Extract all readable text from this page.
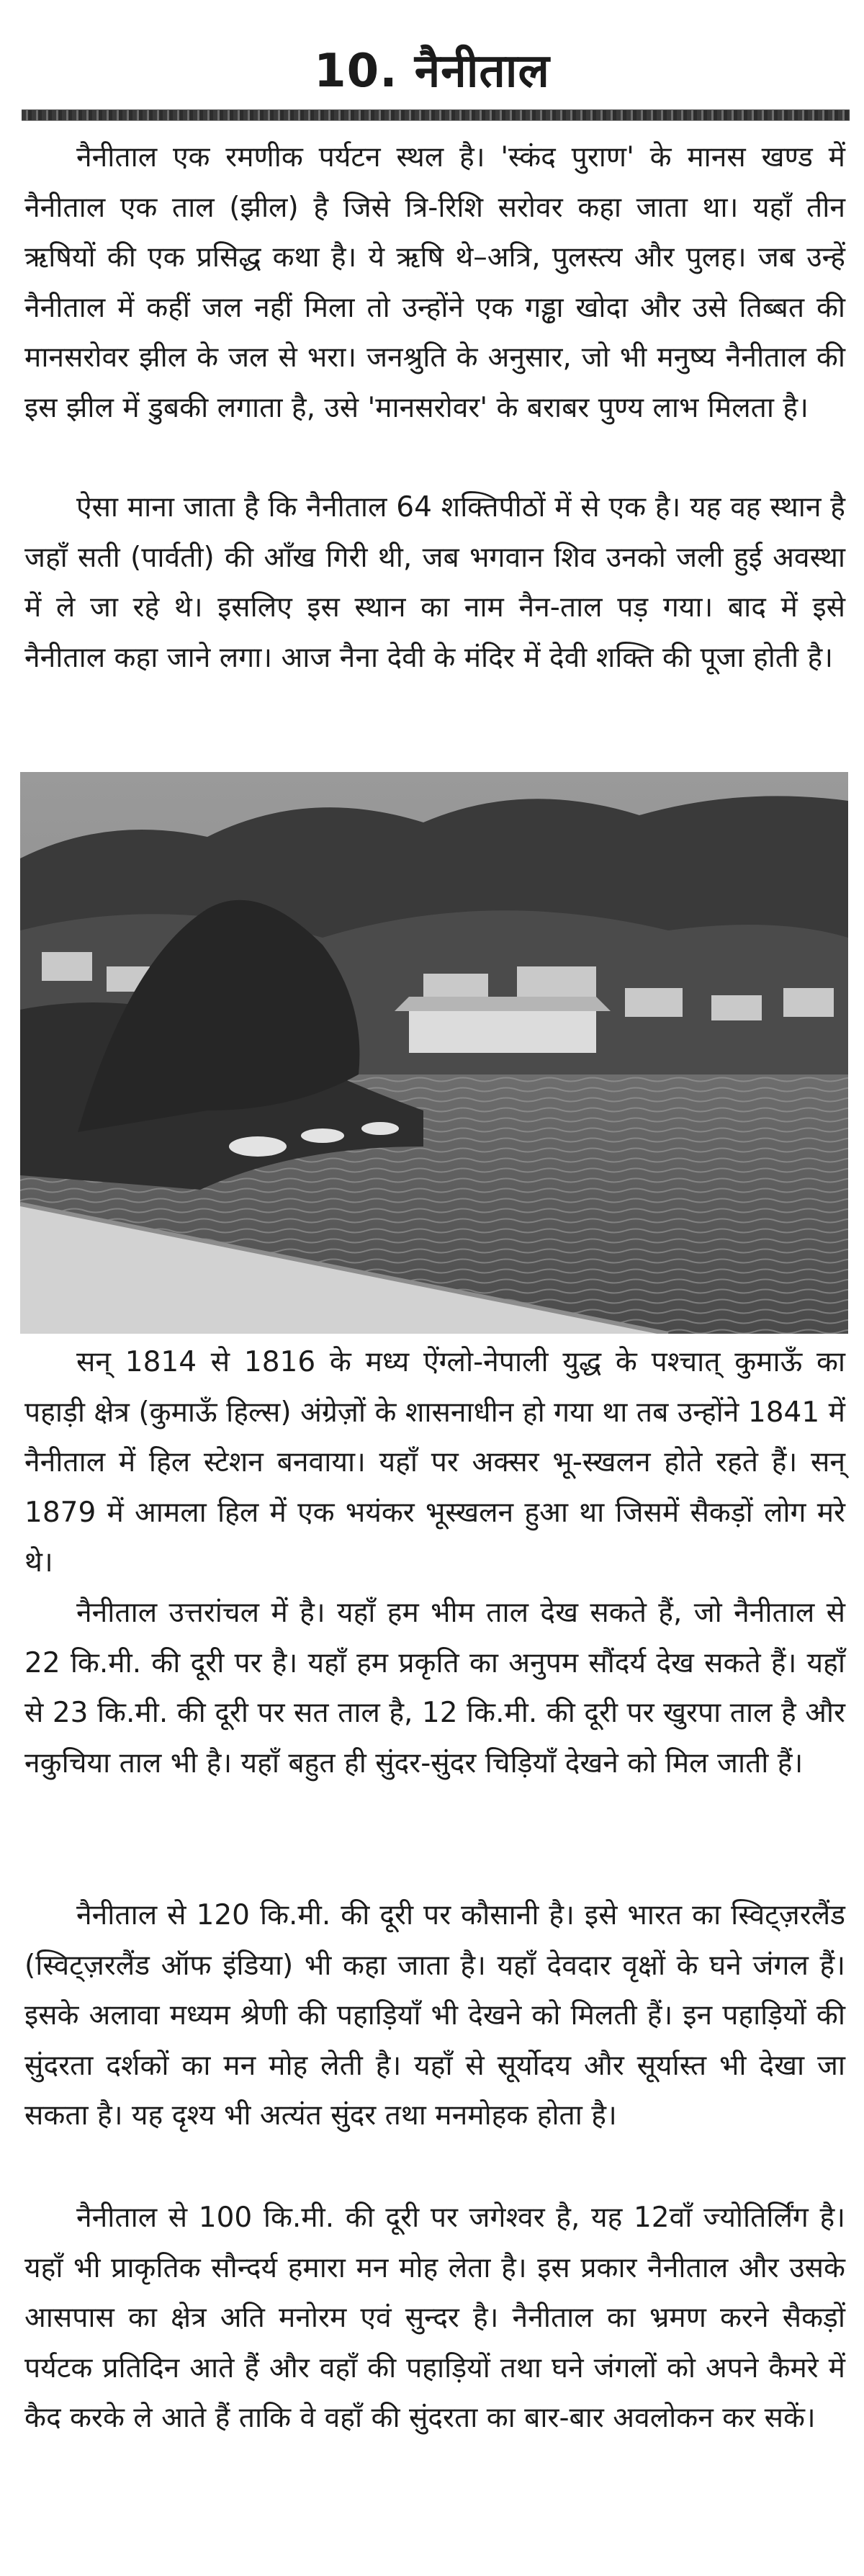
10. नैनीताल

नैनीताल एक रमणीक पर्यटन स्थल है। 'स्कंद पुराण' के मानस खण्ड में नैनीताल एक ताल (झील) है जिसे त्रि-रिशि सरोवर कहा जाता था। यहाँ तीन ऋषियों की एक प्रसिद्ध कथा है। ये ऋषि थे–अत्रि, पुलस्त्य और पुलह। जब उन्हें नैनीताल में कहीं जल नहीं मिला तो उन्होंने एक गड्ढा खोदा और उसे तिब्बत की मानसरोवर झील के जल से भरा। जनश्रुति के अनुसार, जो भी मनुष्य नैनीताल की इस झील में डुबकी लगाता है, उसे 'मानसरोवर' के बराबर पुण्य लाभ मिलता है।

ऐसा माना जाता है कि नैनीताल 64 शक्तिपीठों में से एक है। यह वह स्थान है जहाँ सती (पार्वती) की आँख गिरी थी, जब भगवान शिव उनको जली हुई अवस्था में ले जा रहे थे। इसलिए इस स्थान का नाम नैन-ताल पड़ गया। बाद में इसे नैनीताल कहा जाने लगा। आज नैना देवी के मंदिर में देवी शक्ति की पूजा होती है।

सन् 1814 से 1816 के मध्य ऐंग्लो-नेपाली युद्ध के पश्चात् कुमाऊँ का पहाड़ी क्षेत्र (कुमाऊँ हिल्स) अंग्रेज़ों के शासनाधीन हो गया था तब उन्होंने 1841 में नैनीताल में हिल स्टेशन बनवाया। यहाँ पर अक्सर भू-स्खलन होते रहते हैं। सन् 1879 में आमला हिल में एक भयंकर भूस्खलन हुआ था जिसमें सैकड़ों लोग मरे थे।

नैनीताल उत्तरांचल में है। यहाँ हम भीम ताल देख सकते हैं, जो नैनीताल से 22 कि.मी. की दूरी पर है। यहाँ हम प्रकृति का अनुपम सौंदर्य देख सकते हैं। यहाँ से 23 कि.मी. की दूरी पर सत ताल है, 12 कि.मी. की दूरी पर खुरपा ताल है और नकुचिया ताल भी है। यहाँ बहुत ही सुंदर-सुंदर चिड़ियाँ देखने को मिल जाती हैं।

नैनीताल से 120 कि.मी. की दूरी पर कौसानी है। इसे भारत का स्विट्ज़रलैंड (स्विट्ज़रलैंड ऑफ इंडिया) भी कहा जाता है। यहाँ देवदार वृक्षों के घने जंगल हैं। इसके अलावा मध्यम श्रेणी की पहाड़ियाँ भी देखने को मिलती हैं। इन पहाड़ियों की सुंदरता दर्शकों का मन मोह लेती है। यहाँ से सूर्योदय और सूर्यास्त भी देखा जा सकता है। यह दृश्य भी अत्यंत सुंदर तथा मनमोहक होता है।

नैनीताल से 100 कि.मी. की दूरी पर जगेश्वर है, यह 12वाँ ज्योतिर्लिंग है। यहाँ भी प्राकृतिक सौन्दर्य हमारा मन मोह लेता है। इस प्रकार नैनीताल और उसके आसपास का क्षेत्र अति मनोरम एवं सुन्दर है। नैनीताल का भ्रमण करने सैकड़ों पर्यटक प्रतिदिन आते हैं और वहाँ की पहाड़ियों तथा घने जंगलों को अपने कैमरे में कैद करके ले आते हैं ताकि वे वहाँ की सुंदरता का बार-बार अवलोकन कर सकें।
